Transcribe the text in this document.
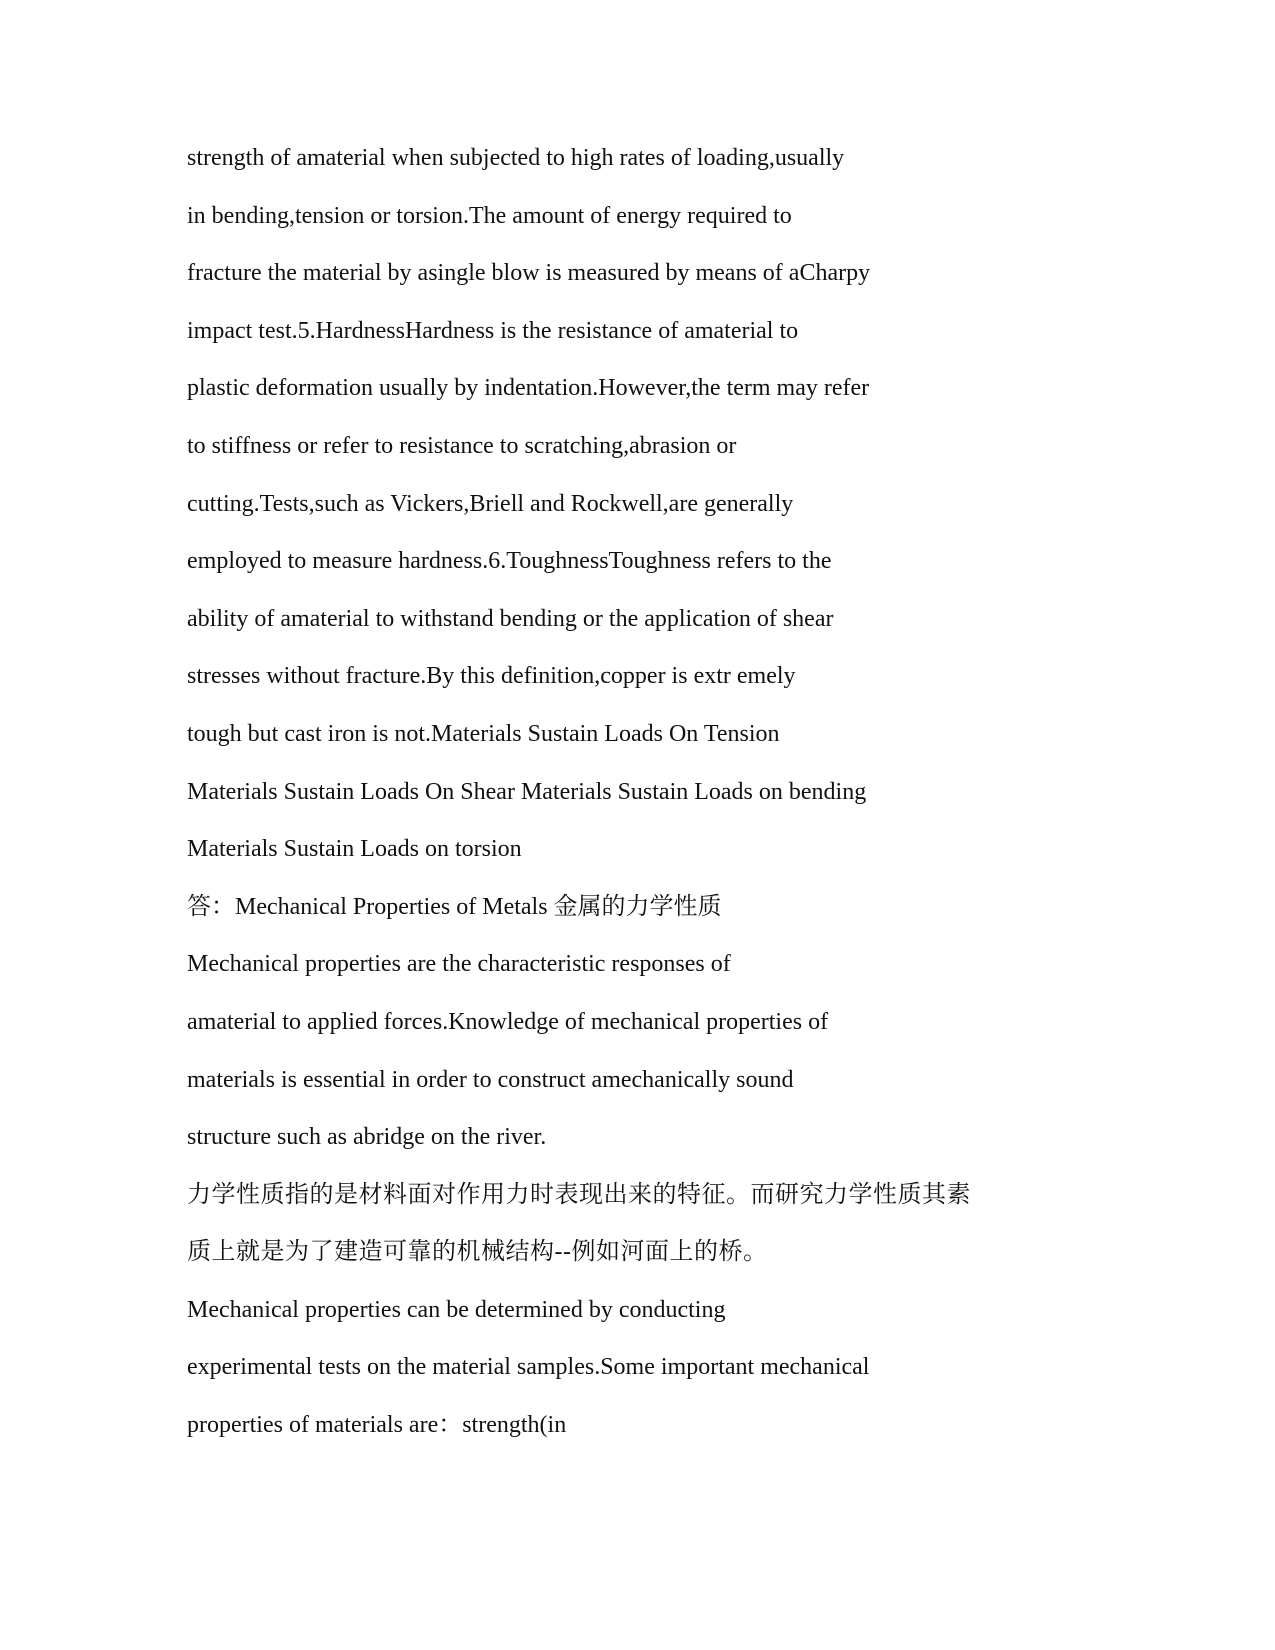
strength of amaterial when subjected to high rates of loading,usually
in bending,tension or torsion.The amount of energy required to
fracture the material by asingle blow is measured by means of aCharpy
impact test.5.HardnessHardness is the resistance of amaterial to
plastic deformation usually by indentation.However,the term may refer
to stiffness or refer to resistance to scratching,abrasion or
cutting.Tests,such as Vickers,Briell and Rockwell,are generally
employed to measure hardness.6.ToughnessToughness refers to the
ability of amaterial to withstand bending or the application of shear
stresses without fracture.By this definition,copper is extr emely
tough but cast iron is not.Materials Sustain Loads On Tension
Materials Sustain Loads On Shear Materials Sustain Loads on bending
Materials Sustain Loads on torsion
答：Mechanical Properties of Metals 金属的力学性质
Mechanical properties are the characteristic responses of
amaterial to applied forces.Knowledge of mechanical properties of
materials is essential in order to construct amechanically sound
structure such as abridge on the river.
力学性质指的是材料面对作用力时表现出来的特征。而研究力学性质其素
质上就是为了建造可靠的机械结构--例如河面上的桥。
Mechanical properties can be determined by conducting
experimental tests on the material samples.Some important mechanical
properties of materials are：strength(in
